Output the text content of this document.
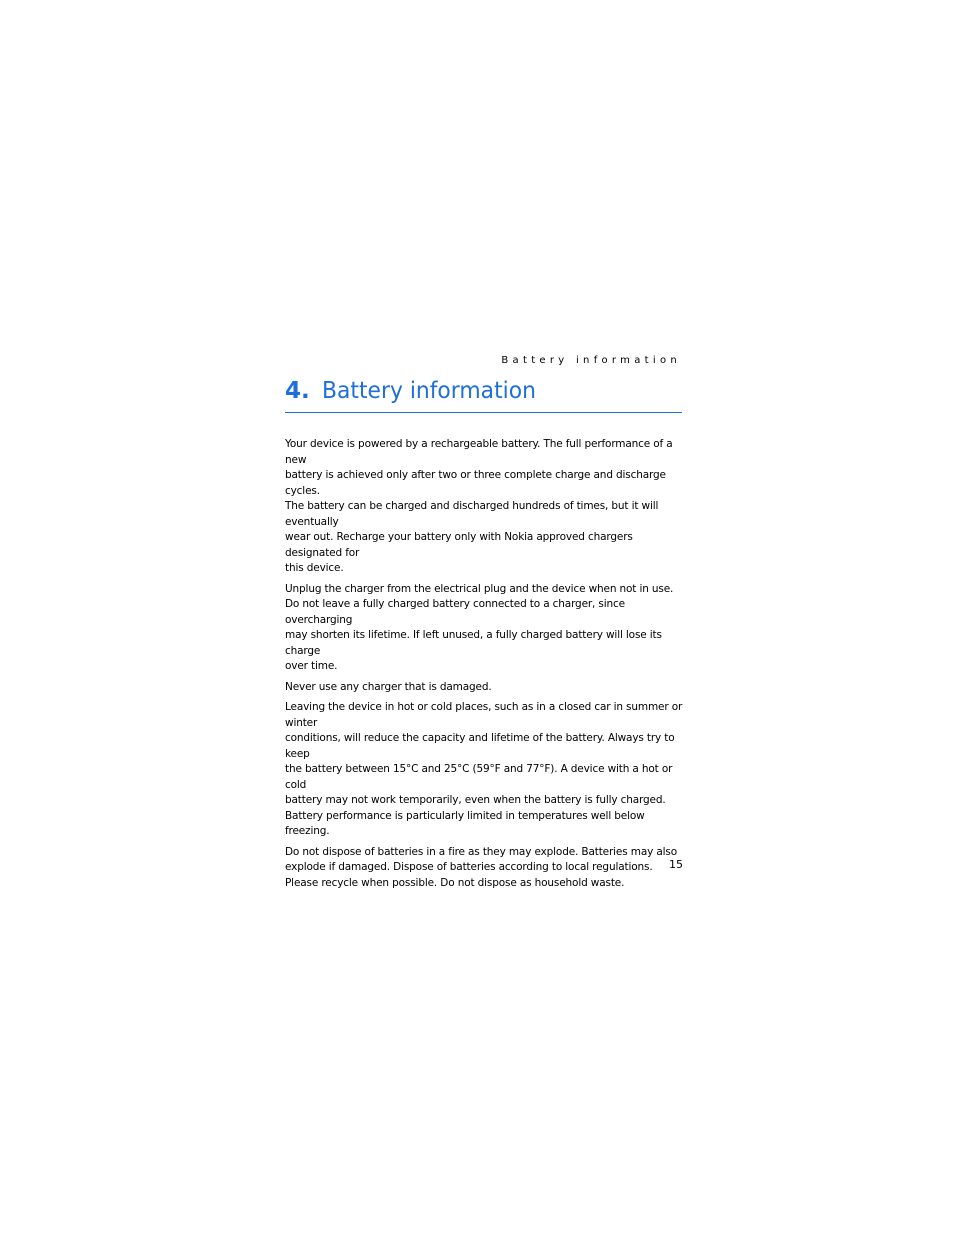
Battery information
4. Battery information

Your device is powered by a rechargeable battery. The full performance of a new
battery is achieved only after two or three complete charge and discharge cycles.
The battery can be charged and discharged hundreds of times, but it will eventually
wear out. Recharge your battery only with Nokia approved chargers designated for
this device.

Unplug the charger from the electrical plug and the device when not in use.
Do not leave a fully charged battery connected to a charger, since overcharging
may shorten its lifetime. If left unused, a fully charged battery will lose its charge
over time.

Never use any charger that is damaged.

Leaving the device in hot or cold places, such as in a closed car in summer or winter
conditions, will reduce the capacity and lifetime of the battery. Always try to keep
the battery between 15°C and 25°C (59°F and 77°F). A device with a hot or cold
battery may not work temporarily, even when the battery is fully charged.
Battery performance is particularly limited in temperatures well below freezing.

Do not dispose of batteries in a fire as they may explode. Batteries may also
explode if damaged. Dispose of batteries according to local regulations.
Please recycle when possible. Do not dispose as household waste.

15
